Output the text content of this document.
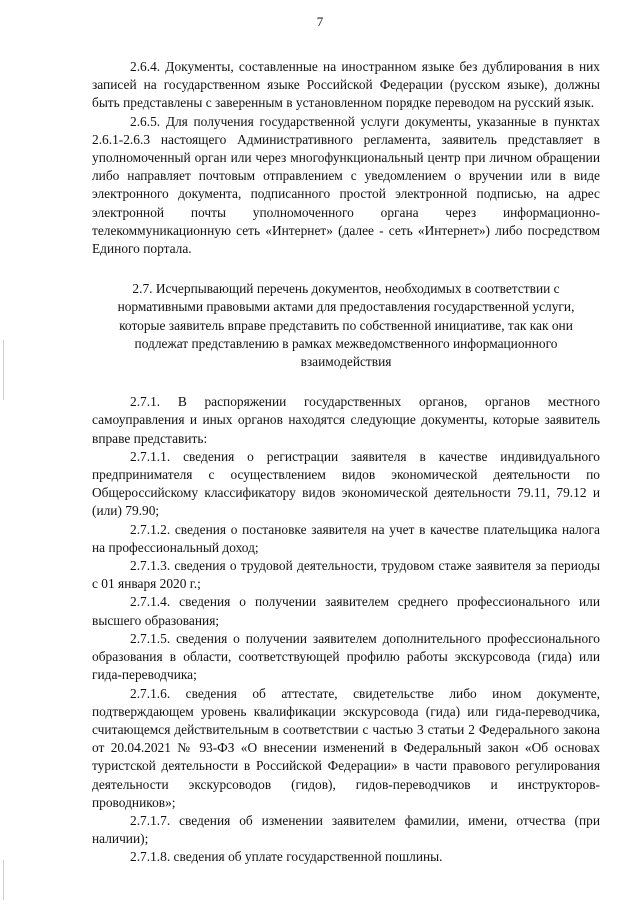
7

2.6.4. Документы, составленные на иностранном языке без дублирования в них записей на государственном языке Российской Федерации (русском языке), должны быть представлены с заверенным в установленном порядке переводом на русский язык.

2.6.5. Для получения государственной услуги документы, указанные в пунктах 2.6.1-2.6.3 настоящего Административного регламента, заявитель представляет в уполномоченный орган или через многофункциональный центр при личном обращении либо направляет почтовым отправлением с уведомлением о вручении или в виде электронного документа, подписанного простой электронной подписью, на адрес электронной почты уполномоченного органа через информационно-телекоммуникационную сеть «Интернет» (далее - сеть «Интернет») либо посредством Единого портала.

2.7. Исчерпывающий перечень документов, необходимых в соответствии с нормативными правовыми актами для предоставления государственной услуги, которые заявитель вправе представить по собственной инициативе, так как они подлежат представлению в рамках межведомственного информационного взаимодействия

2.7.1. В распоряжении государственных органов, органов местного самоуправления и иных органов находятся следующие документы, которые заявитель вправе представить:

2.7.1.1. сведения о регистрации заявителя в качестве индивидуального предпринимателя с осуществлением видов экономической деятельности по Общероссийскому классификатору видов экономической деятельности 79.11, 79.12 и (или) 79.90;

2.7.1.2. сведения о постановке заявителя на учет в качестве плательщика налога на профессиональный доход;

2.7.1.3. сведения о трудовой деятельности, трудовом стаже заявителя за периоды с 01 января 2020 г.;

2.7.1.4. сведения о получении заявителем среднего профессионального или высшего образования;

2.7.1.5. сведения о получении заявителем дополнительного профессионального образования в области, соответствующей профилю работы экскурсовода (гида) или гида-переводчика;

2.7.1.6. сведения об аттестате, свидетельстве либо ином документе, подтверждающем уровень квалификации экскурсовода (гида) или гида-переводчика, считающемся действительным в соответствии с частью 3 статьи 2 Федерального закона от 20.04.2021 № 93-ФЗ «О внесении изменений в Федеральный закон «Об основах туристской деятельности в Российской Федерации» в части правового регулирования деятельности экскурсоводов (гидов), гидов-переводчиков и инструкторов-проводников»;

2.7.1.7. сведения об изменении заявителем фамилии, имени, отчества (при наличии);

2.7.1.8. сведения об уплате государственной пошлины.
